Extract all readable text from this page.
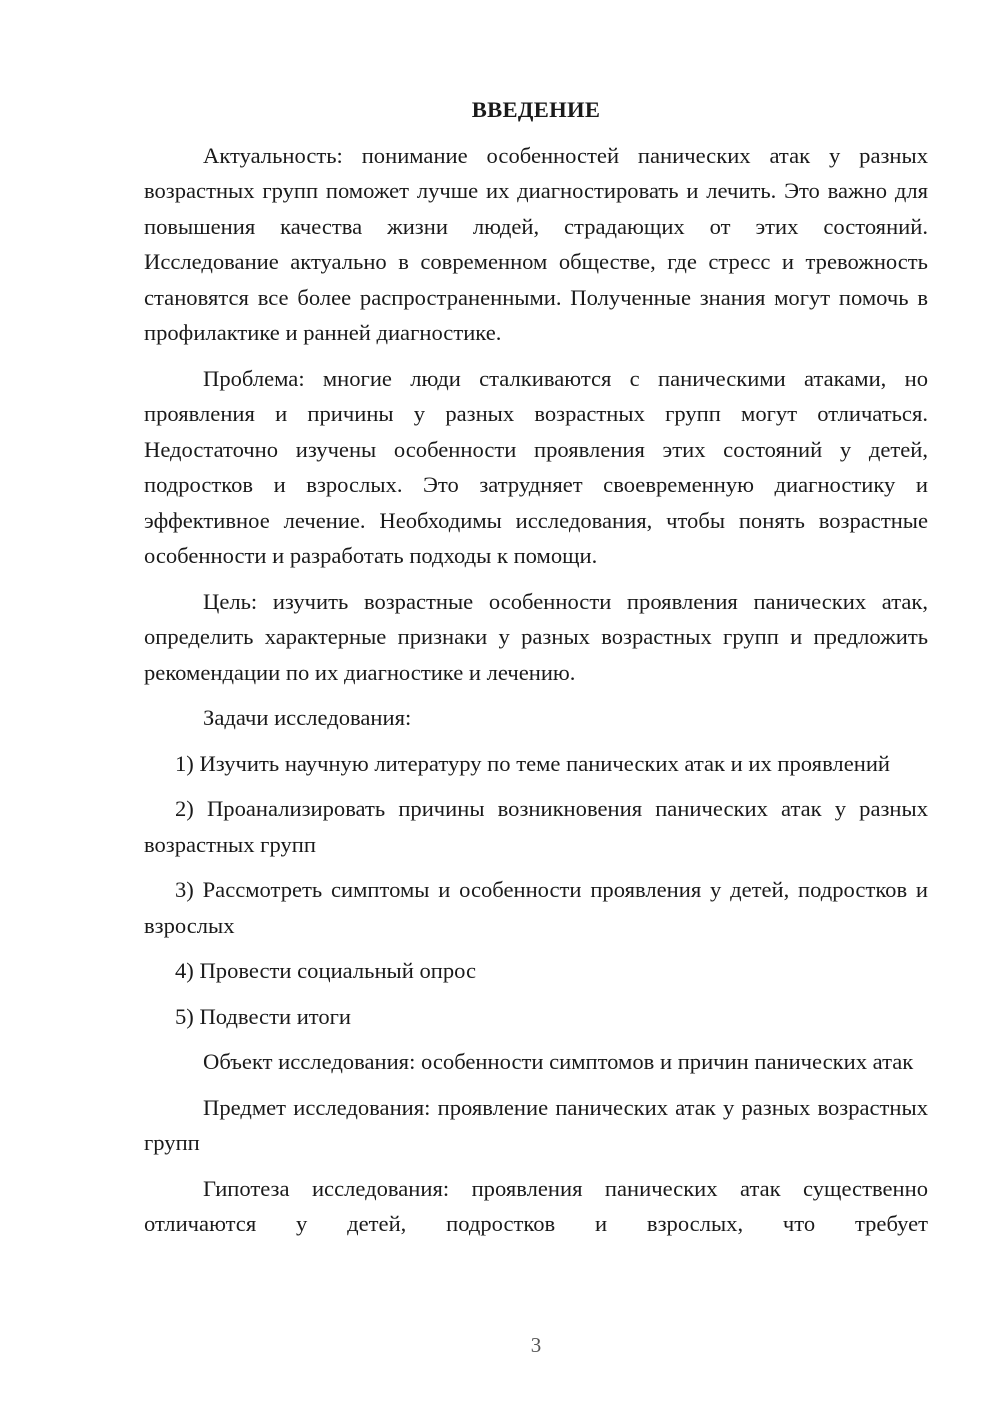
ВВЕДЕНИЕ

Актуальность: понимание особенностей панических атак у разных возрастных групп поможет лучше их диагностировать и лечить. Это важно для повышения качества жизни людей, страдающих от этих состояний. Исследование актуально в современном обществе, где стресс и тревожность становятся все более распространенными. Полученные знания могут помочь в профилактике и ранней диагностике.

Проблема: многие люди сталкиваются с паническими атаками, но проявления и причины у разных возрастных групп могут отличаться. Недостаточно изучены особенности проявления этих состояний у детей, подростков и взрослых. Это затрудняет своевременную диагностику и эффективное лечение. Необходимы исследования, чтобы понять возрастные особенности и разработать подходы к помощи.

Цель: изучить возрастные особенности проявления панических атак, определить характерные признаки у разных возрастных групп и предложить рекомендации по их диагностике и лечению.

Задачи исследования:

1) Изучить научную литературу по теме панических атак и их проявлений

2) Проанализировать причины возникновения панических атак у разных возрастных групп

3) Рассмотреть симптомы и особенности проявления у детей, подростков и взрослых

4) Провести социальный опрос

5) Подвести итоги

Объект исследования: особенности симптомов и причин панических атак

Предмет исследования: проявление панических атак у разных возрастных групп

Гипотеза исследования: проявления панических атак существенно отличаются у детей, подростков и взрослых, что требует

3
